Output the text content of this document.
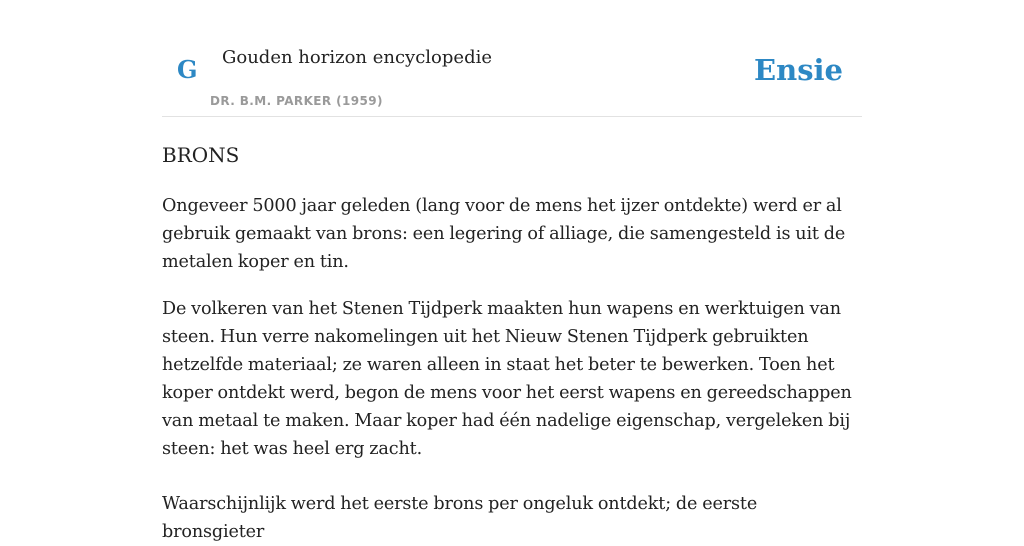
G Gouden horizon encyclopedie
DR. B.M. PARKER (1959)
Ensie
BRONS

Ongeveer 5000 jaar geleden (lang voor de mens het ijzer ontdekte) werd er al gebruik gemaakt van brons: een legering of alliage, die samengesteld is uit de metalen koper en tin.

De volkeren van het Stenen Tijdperk maakten hun wapens en werktuigen van steen. Hun verre nakomelingen uit het Nieuw Stenen Tijdperk gebruikten hetzelfde materiaal; ze waren alleen in staat het beter te bewerken. Toen het koper ontdekt werd, begon de mens voor het eerst wapens en gereedschappen van metaal te maken. Maar koper had één nadelige eigenschap, vergeleken bij steen: het was heel erg zacht.

Waarschijnlijk werd het eerste brons per ongeluk ontdekt; de eerste bronsgieter
